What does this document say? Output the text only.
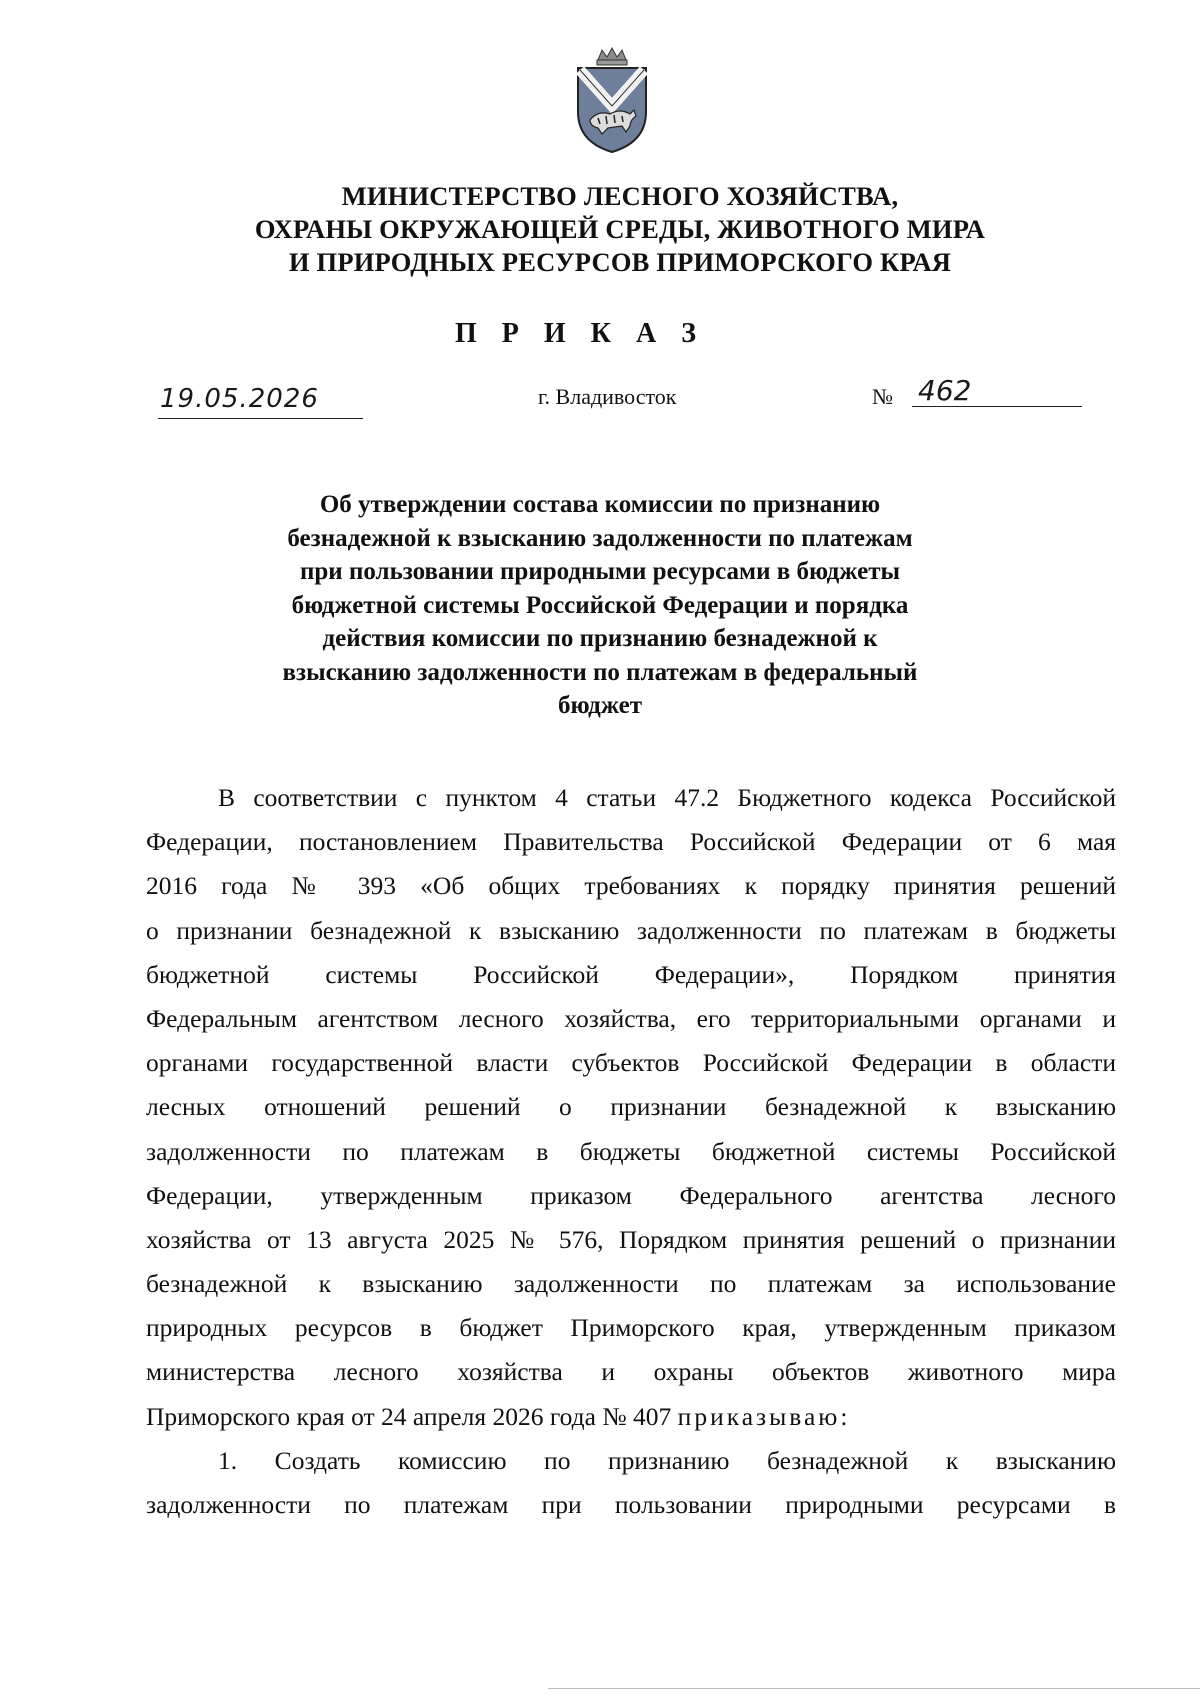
МИНИСТЕРСТВО ЛЕСНОГО ХОЗЯЙСТВА,
ОХРАНЫ ОКРУЖАЮЩЕЙ СРЕДЫ, ЖИВОТНОГО МИРА
И ПРИРОДНЫХ РЕСУРСОВ ПРИМОРСКОГО КРАЯ
П Р И К А З
19.05.2026	г. Владивосток	№ 462
Об утверждении состава комиссии по признанию
безнадежной к взысканию задолженности по платежам
при пользовании природными ресурсами в бюджеты
бюджетной системы Российской Федерации и порядка
действия комиссии по признанию безнадежной к
взысканию задолженности по платежам в федеральный
бюджет
В соответствии с пунктом 4 статьи 47.2 Бюджетного кодекса Российской
Федерации, постановлением Правительства Российской Федерации от 6 мая
2016 года № 393 «Об общих требованиях к порядку принятия решений
о признании безнадежной к взысканию задолженности по платежам в бюджеты
бюджетной системы Российской Федерации», Порядком принятия
Федеральным агентством лесного хозяйства, его территориальными органами и
органами государственной власти субъектов Российской Федерации в области
лесных отношений решений о признании безнадежной к взысканию
задолженности по платежам в бюджеты бюджетной системы Российской
Федерации, утвержденным приказом Федерального агентства лесного
хозяйства от 13 августа 2025 № 576, Порядком принятия решений о признании
безнадежной к взысканию задолженности по платежам за использование
природных ресурсов в бюджет Приморского края, утвержденным приказом
министерства лесного хозяйства и охраны объектов животного мира
Приморского края от 24 апреля 2026 года № 407 приказываю:
1. Создать комиссию по признанию безнадежной к взысканию
задолженности по платежам при пользовании природными ресурсами в
